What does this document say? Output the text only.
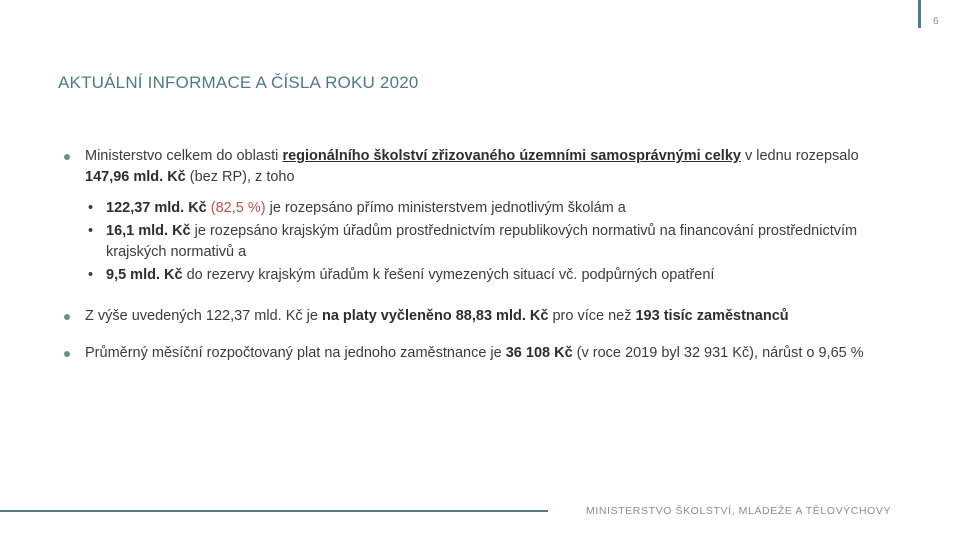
6
AKTUÁLNÍ INFORMACE A ČÍSLA ROKU 2020
Ministerstvo celkem do oblasti regionálního školství zřizovaného územními samosprávnými celky v lednu rozepsalo 147,96 mld. Kč (bez RP), z toho
• 122,37 mld. Kč (82,5 %) je rozepsáno přímo ministerstvem jednotlivým školám a
• 16,1 mld. Kč je rozepsáno krajským úřadům prostřednictvím republikových normativů na financování prostřednictvím krajských normativů a
• 9,5 mld. Kč do rezervy krajským úřadům k řešení vymezených situací vč. podpůrných opatření
Z výše uvedených 122,37 mld. Kč je na platy vyčleněno 88,83 mld. Kč pro více než 193 tisíc zaměstnanců
Průměrný měsíční rozpočtovaný plat na jednoho zaměstnance je 36 108 Kč (v roce 2019 byl 32 931 Kč), nárůst o 9,65 %
MINISTERSTVO ŠKOLSTVÍ, MLÁDEŽE A TĚLOVÝCHOVY
